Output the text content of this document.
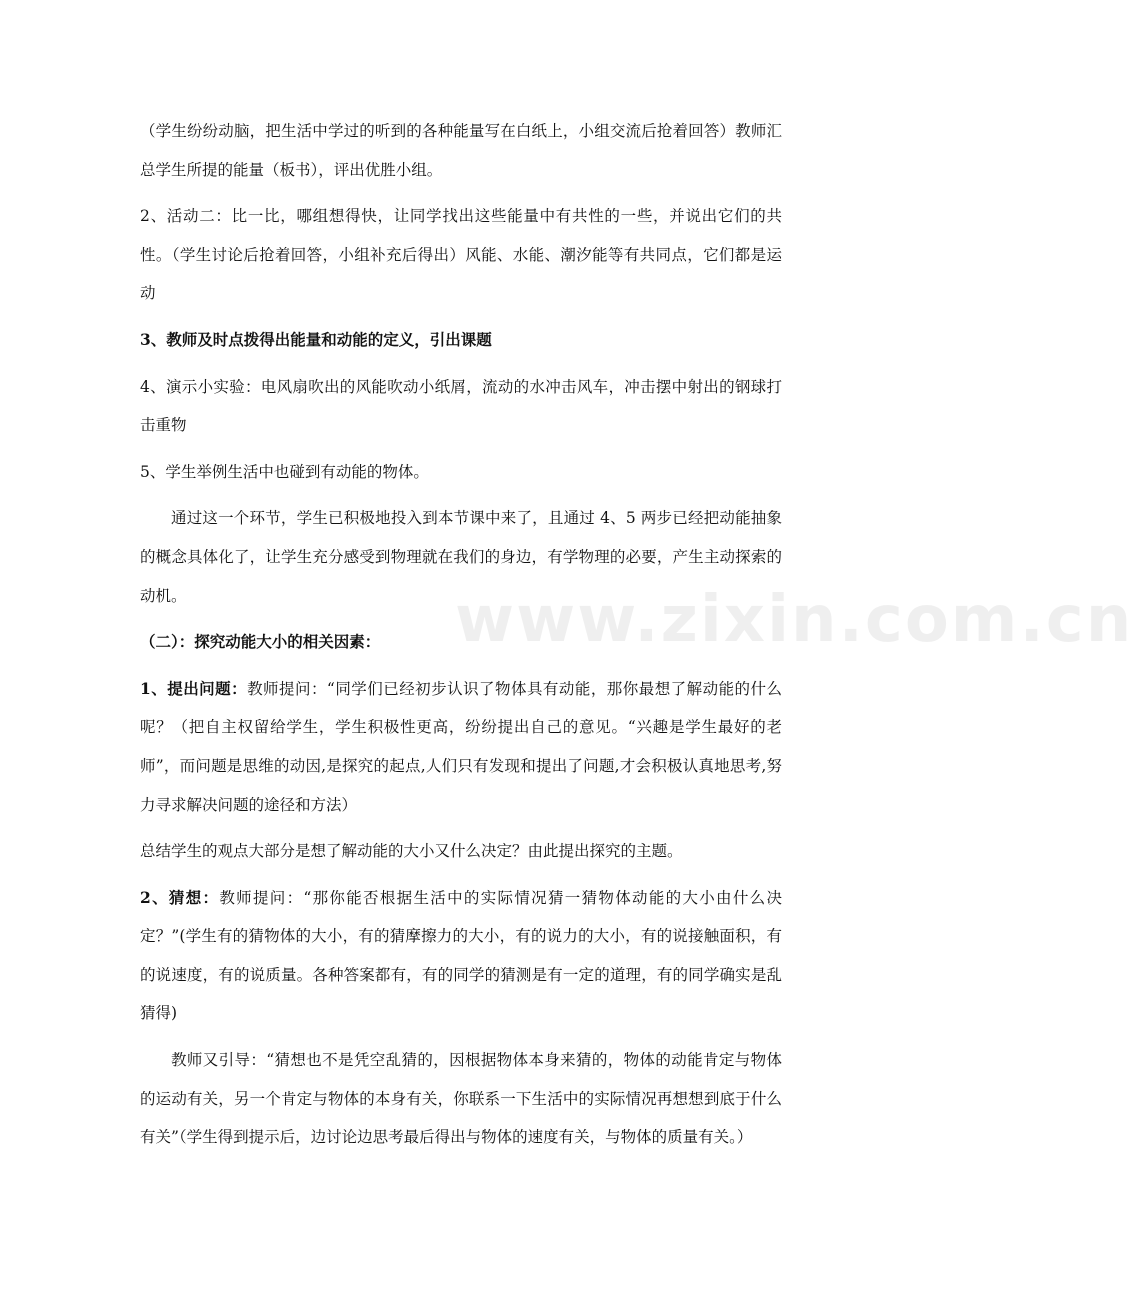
www.zixin.com.cn

（学生纷纷动脑，把生活中学过的听到的各种能量写在白纸上，小组交流后抢着回答）教师汇总学生所提的能量（板书），评出优胜小组。

2、活动二：比一比，哪组想得快，让同学找出这些能量中有共性的一些，并说出它们的共性。（学生讨论后抢着回答，小组补充后得出）风能、水能、潮汐能等有共同点，它们都是运动

3、教师及时点拨得出能量和动能的定义，引出课题

4、演示小实验：电风扇吹出的风能吹动小纸屑，流动的水冲击风车，冲击摆中射出的钢球打击重物

5、学生举例生活中也碰到有动能的物体。

通过这一个环节，学生已积极地投入到本节课中来了，且通过 4、5 两步已经把动能抽象的概念具体化了，让学生充分感受到物理就在我们的身边，有学物理的必要，产生主动探索的动机。

（二）：探究动能大小的相关因素：

1、提出问题：教师提问：“同学们已经初步认识了物体具有动能，那你最想了解动能的什么呢？（把自主权留给学生，学生积极性更高，纷纷提出自己的意见。“兴趣是学生最好的老师”，而问题是思维的动因,是探究的起点,人们只有发现和提出了问题,才会积极认真地思考,努力寻求解决问题的途径和方法）

总结学生的观点大部分是想了解动能的大小又什么决定？由此提出探究的主题。

2、猜想：教师提问：“那你能否根据生活中的实际情况猜一猜物体动能的大小由什么决定？”(学生有的猜物体的大小，有的猜摩擦力的大小，有的说力的大小，有的说接触面积，有的说速度，有的说质量。各种答案都有，有的同学的猜测是有一定的道理，有的同学确实是乱猜得)

教师又引导：“猜想也不是凭空乱猜的，因根据物体本身来猜的，物体的动能肯定与物体的运动有关，另一个肯定与物体的本身有关，你联系一下生活中的实际情况再想想到底于什么有关”（学生得到提示后，边讨论边思考最后得出与物体的速度有关，与物体的质量有关。）
